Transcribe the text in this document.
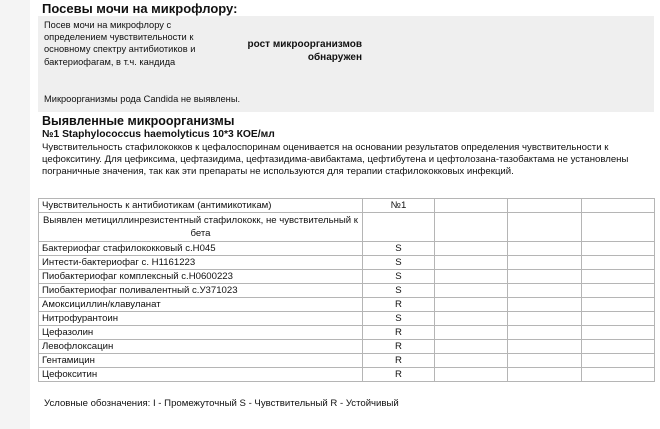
Посевы мочи на микрофлору:
Посев мочи на микрофлору с определением чувствительности к основному спектру антибиотиков и бактериофагам, в т.ч. кандида
рост микроорганизмов обнаружен
Микроорганизмы рода Candida не выявлены.
Выявленные микроорганизмы
№1 Staphylococcus haemolyticus 10*3 КОЕ/мл
Чувствительность стафилококков к цефалоспоринам оценивается на основании результатов определения чувствительности к цефокситину. Для цефиксима, цефтазидима, цефтазидима-авибактама, цефтибутена и цефтолозана-тазобактама не установлены пограничные значения, так как эти препараты не используются для терапии стафилококковых инфекций.
Чувствительность к антибиотикам (антимикотикам)	№1			
Выявлен метициллинрезистентный стафилококк, не чувствительный к бета				
Бактериофаг стафилококковый с.Н045	S			
Интести-бактериофаг с. Н1161223	S			
Пиобактериофаг комплексный с.Н0600223	S			
Пиобактериофаг поливалентный с.У371023	S			
Амоксициллин/клавуланат	R			
Нитрофурантоин	S			
Цефазолин	R			
Левофлоксацин	R			
Гентамицин	R			
Цефокситин	R			
Условные обозначения: I - Промежуточный S - Чувствительный R - Устойчивый
